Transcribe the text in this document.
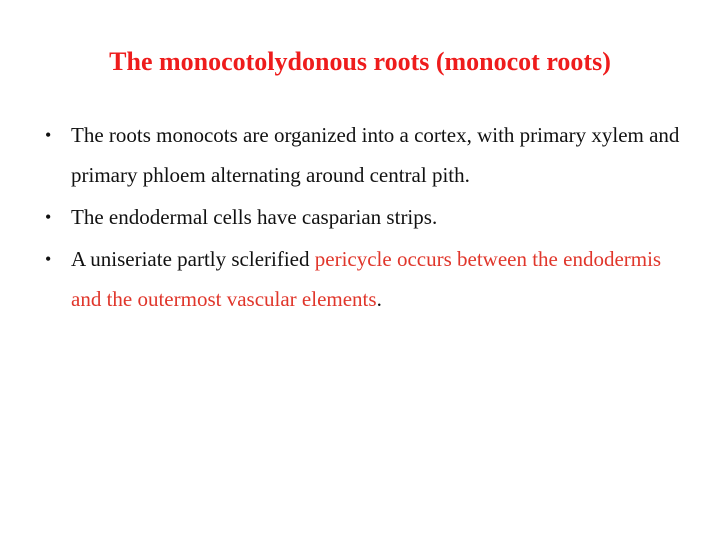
The monocotolydonous roots (monocot roots)
• The roots monocots are organized into a cortex, with primary xylem and primary phloem alternating around central pith.
• The endodermal cells have casparian strips.
• A uniseriate partly sclerified pericycle occurs between the endodermis and the outermost vascular elements.
